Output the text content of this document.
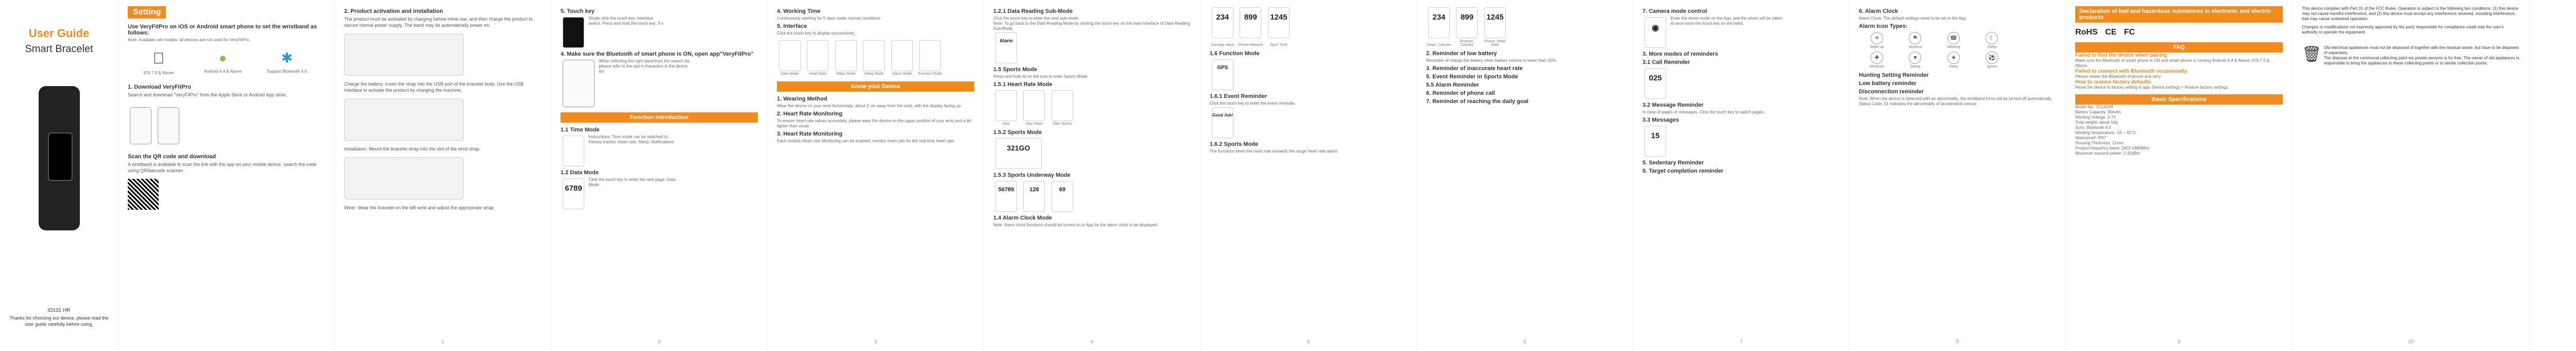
User Guide
Smart Bracelet
ID131 HR
Thanks for choosing our device, please read the user guide carefully before using.
Setting
Use VeryFitPro on iOS or Android smart phone to set the wristband as follows:
Note: Available cell models: all devices are not used for VeryFitPro.
iOS 7.0 & Above	●
Android 4.4 & Above
✱
Support Bluetooth 4.0
1. Download VeryFitPro
Search and download "VeryFitPro" from the Apple Store or Android App store.

Scan the QR code and download
A wristband is available to scan the link with the app on your mobile device, search the code using QR/barcode scanner.
2. Product activation and installation
The product must be activated by charging before initial use, and then charge the product to secure normal power supply. The band may be automatically power on.
Charge the battery: Insert the strap into the USB port of the bracelet body. Use the USB interface to activate the product by charging the machine.
Installation: Mount the bracelet strap into the slot of the wrist strap.
Wear: Wear the bracelet on the left wrist and adjust the appropriate strap.
1
5. Touch key
Single click the touch key: Interface switch. Press and hold the touch key: 3 s
4. Make sure the Bluetooth of smart phone is ON, open app"VeryFitPro"
When selecting the right band from the search list, please refer to the last 4 characters in the device list
Function Introduction
1.1 Time Mode
Instructions: Time mode can be switched to: Fitness tracker, Heart rate, Sleep, Notifications.
1.2 Data Mode
6789 Click the touch key to enter the next page: Data Mode.
2
4. Working Time
Continuously working for 5 days under normal conditions
5. Interface
Click the touch key to display successively:
Date Mode
	Heart Rate
	Steps Mode
	Sleep Mode
	Alarm Mode
	Function Mode
Know your Device
1. Wearing Method
Wear the device on your wrist horizontally, about 2 cm away from the wrist, with the display facing up.
2. Heart Rate Monitoring
To ensure heart rate values accurately, please wear the device on the upper position of your wrist and a bit tighter than usual.
3. Heart Rate Monitoring
Each module Heart rate Monitoring can be enabled, monitor heart rate for the real-time heart rate.
3
1.2.1 Data Reading Sub-Mode
Click the touch key to enter the next sub-mode.
Note: To go back to the Data Reading Mode by clicking the touch key on the main interface of Data Reading Sub-Mode.
Alarm
1.5 Sports Mode
Press and hold 3s on the icon to enter Sports Mode
1.5.1 Heart Rate Mode
Now
	Max Heart
	After Sports
1.5.2 Sports Mode
321GO
1.5.3 Sports Underway Mode
56789	128	69
1.4 Alarm Clock Mode
Note: Alarm clock functions should be turned on in App for the alarm clock to be displayed.
4
234 899 1245
Average steps Phone Network Sport Time
1.6 Function Mode
GPS
1.6.1 Event Reminder
Click the touch key to enter the event reminder.
Good Job!
1.6.2 Sports Mode
The functions when the heart rate exceeds the range Heart rate alarm.
5
234 899 1245
Steps, Calories Duration, Calories Phone, Heart Rate
2. Reminder of low battery
Reminder of charge the battery when battery volume is lower than 20%.
3. Reminder of inaccurate heart rate
5. Event Reminder in Sports Mode
5.5 Alarm Reminder
6. Reminder of phone call
7. Reminder of reaching the daily goal
6
7. Camera mode control
◉ Enter the shoot mode on the App, and the photo will be taken at once once the touch key on the band.
3. More modes of reminders
3.1 Call Reminder
025
3.2 Message Reminder
In case of pages of messages, Click the touch key to switch pages.
3.3 Messages
15
5. Sedentary Reminder
5. Target completion reminder
7
6. Alarm Clock
Alarm Clock: The default settings need to be set in the App.
Alarm Icon Types:
☀
Wake up
⚑
Workout
☎
Meeting
☾
Sleep
✚
Medicine
♥
Dating
★
Party
⚽
Sports
Hunting Setting Reminder
Low battery reminder
Disconnection reminder
Note: When the device is detected with an abnormality, the wristband force will be turned off automatically.
Status Code: 01 indicates the abnormality of acceleration sensor.
8
Declaration of bad and hazardous substances in electronic and electric products
RoHS CE FC
FAQ
Failed to find the device when pairing
Make sure the Bluetooth of smart phone is ON and smart phone is running Android 4.4 & Above, iOS 7.0 & Above.
Failed to connect with Bluetooth occasionally
Please restart the Bluetooth of phone and retry.
How to restore factory defaults
Reset the device to factory setting in app: Device settings > Restore factory settings.
Basic Specifications
Model No.: ID131HR
Battery Capacity: 90mAh
Working Voltage: 3.7V
Total weight: about 16g
Sync: Bluetooth 4.0
Working temperature: -10 ~ 45°C
Waterproof: IP67
Housing Thickness: 11mm
Product frequency band: 2402-2480MHz
Maximum transmit power: 2.42dBm
9
This device complies with Part 15 of the FCC Rules. Operation is subject to the following two conditions: (1) this device may not cause harmful interference, and (2) this device must accept any interference received, including interference that may cause undesired operation.
Changes or modifications not expressly approved by the party responsible for compliance could void the user's authority to operate the equipment.
🗑 Old electrical appliances must not be disposed of together with the residual waste, but have to be disposed of separately.
The disposal at the communal collecting point via private persons is for free. The owner of old appliances is responsible to bring the appliances to these collecting points or to similar collection points.
10
